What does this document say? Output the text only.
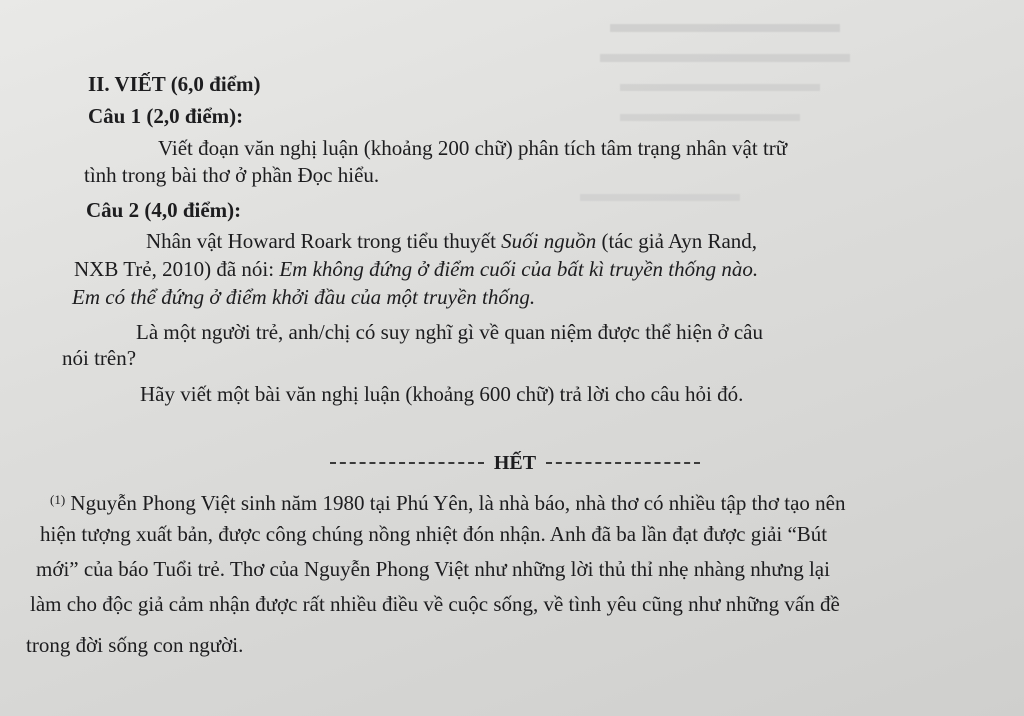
II. VIẾT (6,0 điểm)
Câu 1 (2,0 điểm):
Viết đoạn văn nghị luận (khoảng 200 chữ) phân tích tâm trạng nhân vật trữ
tình trong bài thơ ở phần Đọc hiểu.
Câu 2 (4,0 điểm):
Nhân vật Howard Roark trong tiểu thuyết Suối nguồn (tác giả Ayn Rand,
NXB Trẻ, 2010) đã nói: Em không đứng ở điểm cuối của bất kì truyền thống nào.
Em có thể đứng ở điểm khởi đầu của một truyền thống.
Là một người trẻ, anh/chị có suy nghĩ gì về quan niệm được thể hiện ở câu
nói trên?
Hãy viết một bài văn nghị luận (khoảng 600 chữ) trả lời cho câu hỏi đó.
HẾT
$^{(1)}$ Nguyễn Phong Việt sinh năm 1980 tại Phú Yên, là nhà báo, nhà thơ có nhiều tập thơ tạo nên
hiện tượng xuất bản, được công chúng nồng nhiệt đón nhận. Anh đã ba lần đạt được giải “Bút
mới” của báo Tuổi trẻ. Thơ của Nguyễn Phong Việt như những lời thủ thỉ nhẹ nhàng nhưng lại
làm cho độc giả cảm nhận được rất nhiều điều về cuộc sống, về tình yêu cũng như những vấn đề
trong đời sống con người.
